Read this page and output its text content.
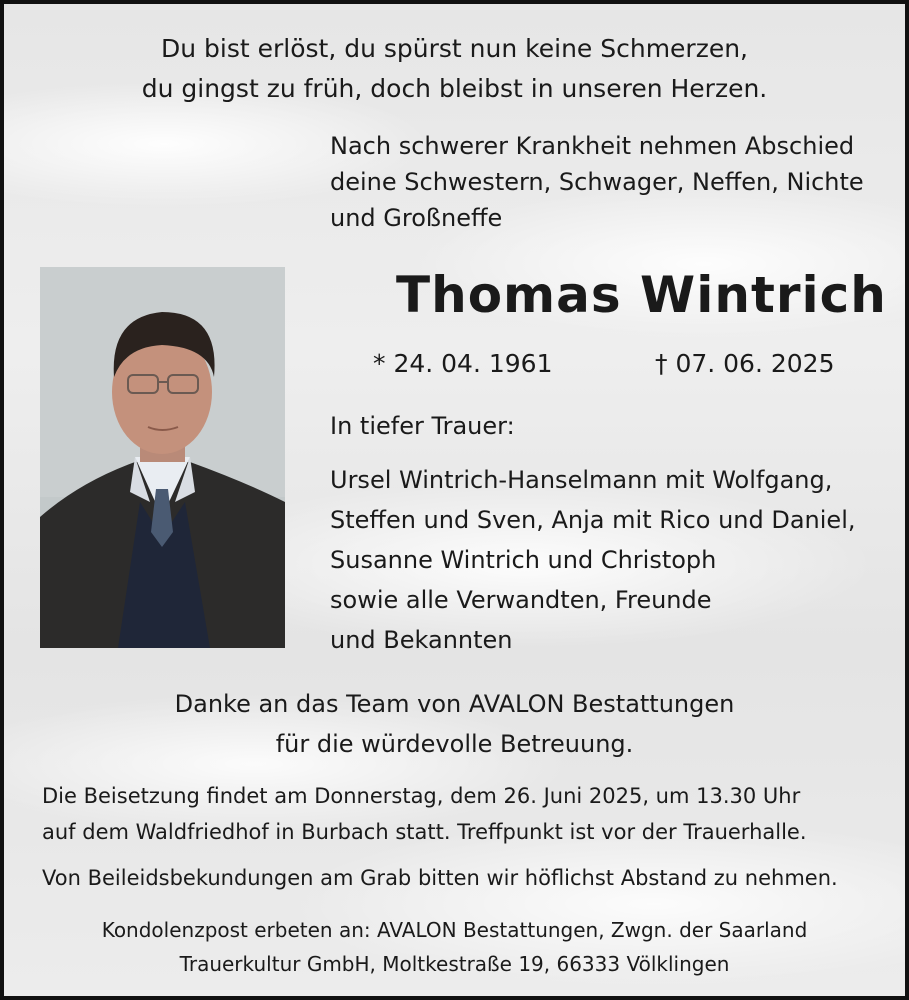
Du bist erlöst, du spürst nun keine Schmerzen,
du gingst zu früh, doch bleibst in unseren Herzen.
Nach schwerer Krankheit nehmen Abschied
deine Schwestern, Schwager, Neffen, Nichte
und Großneffe
Thomas Wintrich
* 24. 04. 1961	† 07. 06. 2025
In tiefer Trauer:
Ursel Wintrich-Hanselmann mit Wolfgang,
Steffen und Sven, Anja mit Rico und Daniel,
Susanne Wintrich und Christoph
sowie alle Verwandten, Freunde
und Bekannten
Danke an das Team von AVALON Bestattungen
für die würdevolle Betreuung.
Die Beisetzung findet am Donnerstag, dem 26. Juni 2025, um 13.30 Uhr
auf dem Waldfriedhof in Burbach statt. Treffpunkt ist vor der Trauerhalle.
Von Beileidsbekundungen am Grab bitten wir höflichst Abstand zu nehmen.
Kondolenzpost erbeten an: AVALON Bestattungen, Zwgn. der Saarland
Trauerkultur GmbH, Moltkestraße 19, 66333 Völklingen
